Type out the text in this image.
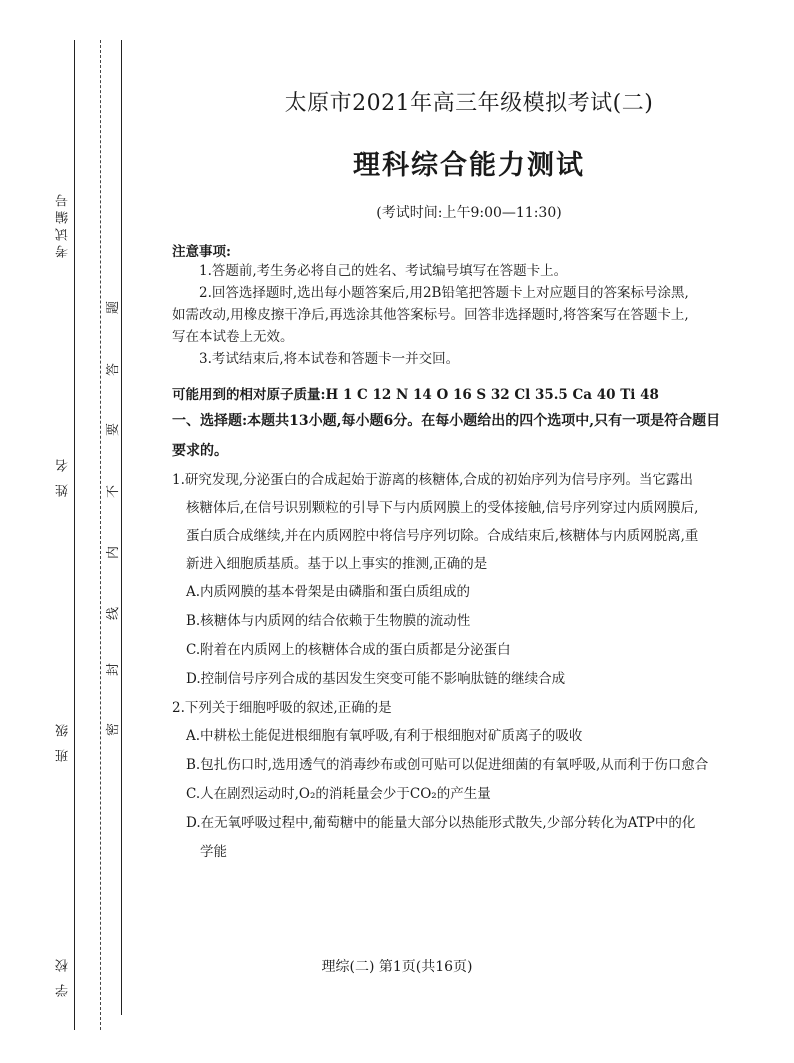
考试编号
姓 名
班 级
学 校
题
答
要
不
内
线
封
密
太原市2021年高三年级模拟考试(二)
理科综合能力测试
(考试时间:上午9:00—11:30)
注意事项:
1.答题前,考生务必将自己的姓名、考试编号填写在答题卡上。
2.回答选择题时,选出每小题答案后,用2B铅笔把答题卡上对应题目的答案标号涂黑,
如需改动,用橡皮擦干净后,再选涂其他答案标号。回答非选择题时,将答案写在答题卡上,
写在本试卷上无效。
3.考试结束后,将本试卷和答题卡一并交回。
可能用到的相对原子质量:H 1 C 12 N 14 O 16 S 32 Cl 35.5 Ca 40 Ti 48
一、选择题:本题共13小题,每小题6分。在每小题给出的四个选项中,只有一项是符合题目
要求的。
1.研究发现,分泌蛋白的合成起始于游离的核糖体,合成的初始序列为信号序列。当它露出
核糖体后,在信号识别颗粒的引导下与内质网膜上的受体接触,信号序列穿过内质网膜后,
蛋白质合成继续,并在内质网腔中将信号序列切除。合成结束后,核糖体与内质网脱离,重
新进入细胞质基质。基于以上事实的推测,正确的是
A.内质网膜的基本骨架是由磷脂和蛋白质组成的
B.核糖体与内质网的结合依赖于生物膜的流动性
C.附着在内质网上的核糖体合成的蛋白质都是分泌蛋白
D.控制信号序列合成的基因发生突变可能不影响肽链的继续合成
2.下列关于细胞呼吸的叙述,正确的是
A.中耕松土能促进根细胞有氧呼吸,有利于根细胞对矿质离子的吸收
B.包扎伤口时,选用透气的消毒纱布或创可贴可以促进细菌的有氧呼吸,从而利于伤口愈合
C.人在剧烈运动时,O₂的消耗量会少于CO₂的产生量
D.在无氧呼吸过程中,葡萄糖中的能量大部分以热能形式散失,少部分转化为ATP中的化
学能
理综(二) 第1页(共16页)
